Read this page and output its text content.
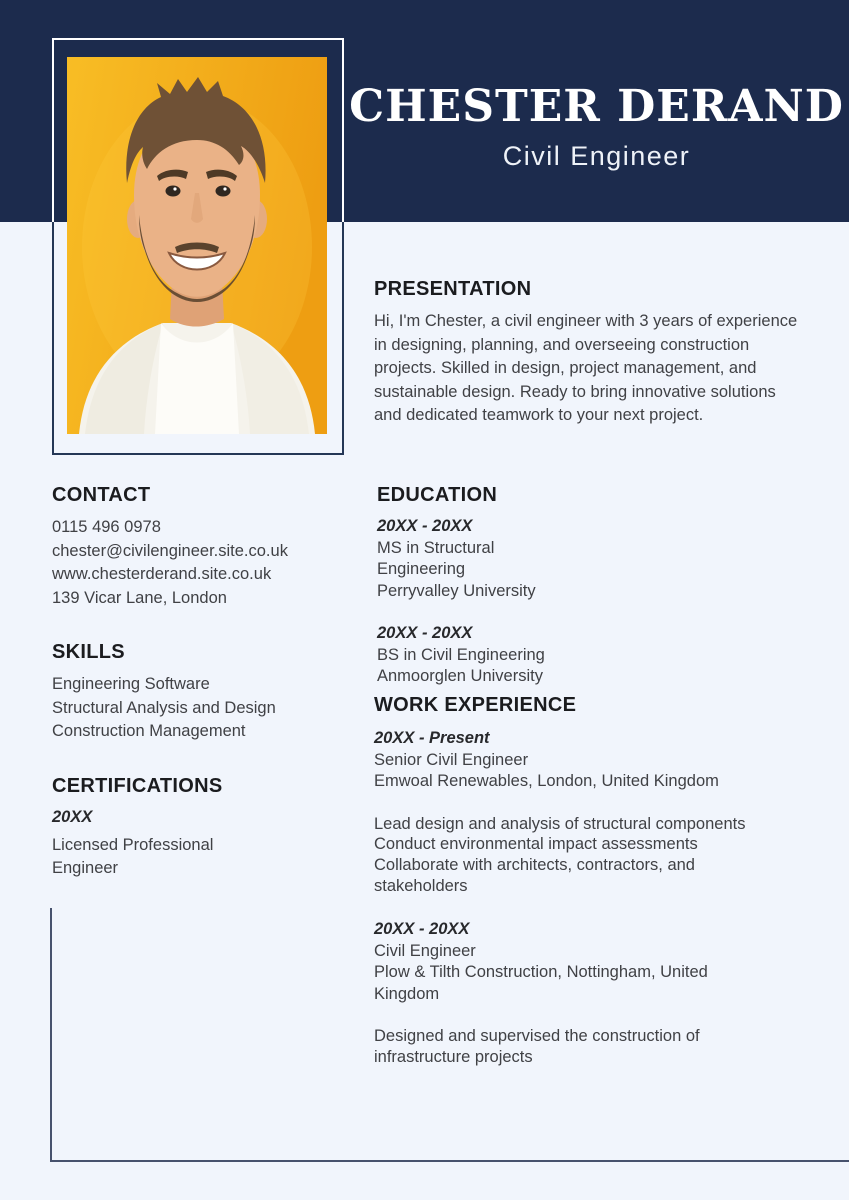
CHESTER DERAND
Civil Engineer
CONTACT
0115 496 0978
chester@civilengineer.site.co.uk
www.chesterderand.site.co.uk
139 Vicar Lane, London
SKILLS
Engineering Software
Structural Analysis and Design
Construction Management
CERTIFICATIONS
20XX
Licensed Professional Engineer
PRESENTATION
Hi, I'm Chester, a civil engineer with 3 years of experience in designing, planning, and overseeing construction projects. Skilled in design, project management, and sustainable design. Ready to bring innovative solutions and dedicated teamwork to your next project.
EDUCATION
20XX - 20XX
MS in Structural Engineering
Perryvalley University
20XX - 20XX
BS in Civil Engineering
Anmoorglen University
WORK EXPERIENCE
20XX - Present
Senior Civil Engineer
Emwoal Renewables, London, United Kingdom
Lead design and analysis of structural components
Conduct environmental impact assessments
Collaborate with architects, contractors, and stakeholders
20XX - 20XX
Civil Engineer
Plow & Tilth Construction, Nottingham, United Kingdom
Designed and supervised the construction of infrastructure projects
